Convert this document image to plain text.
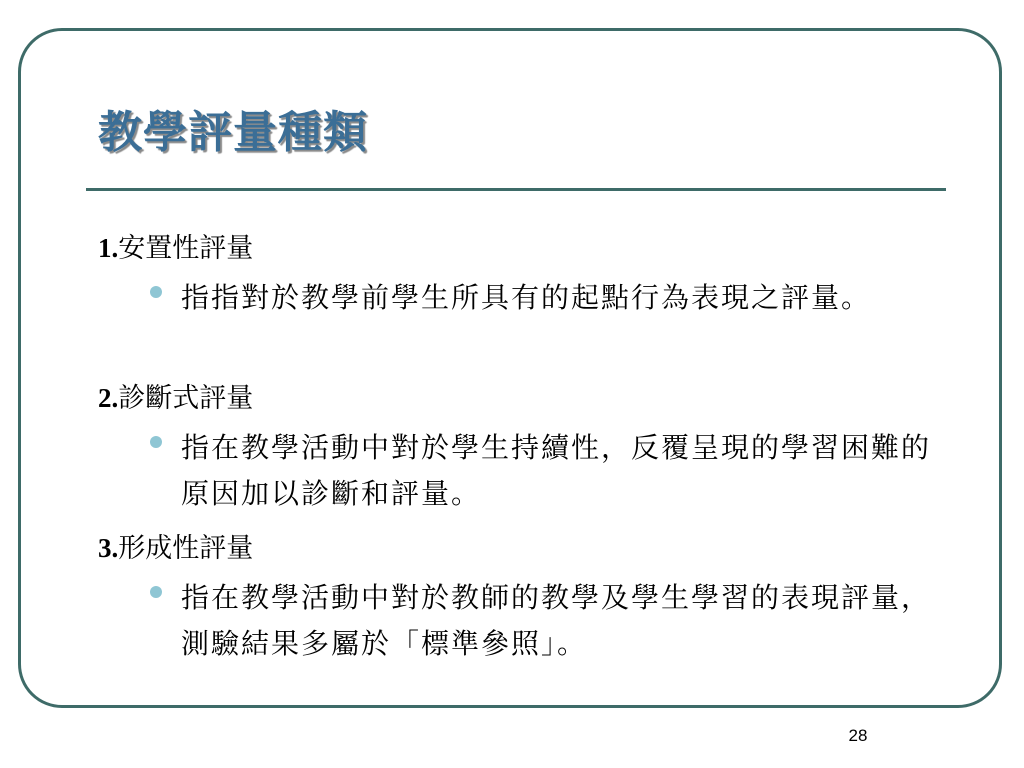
教學評量種類

1.安置性評量

指指對於教學前學生所具有的起點行為表現之評量。

2.診斷式評量

指在教學活動中對於學生持續性，反覆呈現的學習困難的原因加以診斷和評量。

3.形成性評量

指在教學活動中對於教師的教學及學生學習的表現評量，測驗結果多屬於「標準參照」。

28
